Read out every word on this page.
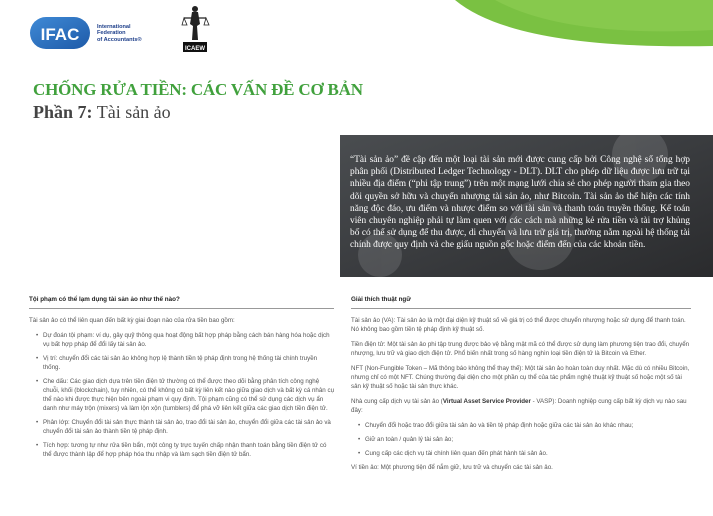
IFAC	International
Federation
of Accountants®
ICAEW
CHỐNG RỬA TIỀN: CÁC VẤN ĐỀ CƠ BẢN
Phần 7: Tài sản ảo
“Tài sản ảo” đề cập đến một loại tài sản mới được cung cấp bởi Công nghệ sổ tổng hợp phân phối (Distributed Ledger Technology - DLT). DLT cho phép dữ liệu được lưu trữ tại nhiều địa điểm (“phi tập trung”) trên một mạng lưới chia sẻ cho phép người tham gia theo dõi quyền sở hữu và chuyển nhượng tài sản ảo, như Bitcoin. Tài sản ảo thể hiện các tính năng độc đáo, ưu điểm và nhược điểm so với tài sản và thanh toán truyền thống. Kế toán viên chuyên nghiệp phải tự làm quen với các cách mà những kẻ rửa tiền và tài trợ khủng bố có thể sử dụng để thu được, di chuyển và lưu trữ giá trị, thường nằm ngoài hệ thống tài chính được quy định và che giấu nguồn gốc hoặc điểm đến của các khoản tiền.
Tội phạm có thể lạm dụng tài sản ảo như thế nào?

Tài sản ảo có thể liên quan đến bất kỳ giai đoạn nào của rửa tiền bao gồm:

• Dự đoán tội phạm: ví dụ, gây quỹ thông qua hoạt động bất hợp pháp bằng cách bán hàng hóa hoặc dịch vụ bất hợp pháp để đổi lấy tài sản ảo.
• Vị trí: chuyển đổi các tài sản ảo không hợp lệ thành tiền tệ pháp định trong hệ thống tài chính truyền thống.
• Che dấu: Các giao dịch dựa trên tiền điện tử thường có thể được theo dõi bằng phân tích công nghệ chuỗi, khối (blockchain), tuy nhiên, có thể không có bất kỳ liên kết nào giữa giao dịch và bất kỳ cá nhân cụ thể nào khi được thực hiện bên ngoài phạm vi quy định. Tội phạm cũng có thể sử dụng các dịch vụ ẩn danh như máy trộn (mixers) và làm lộn xộn (tumblers) để phá vỡ liên kết giữa các giao dịch tiền điện tử.
• Phân lớp: Chuyển đổi tài sản thực thành tài sản ảo, trao đổi tài sản ảo, chuyển đổi giữa các tài sản ảo và chuyển đổi tài sản ảo thành tiền tệ pháp định.
• Tích hợp: tương tự như rửa tiền bẩn, một công ty trực tuyến chấp nhận thanh toán bằng tiền điện tử có thể được thành lập để hợp pháp hóa thu nhập và làm sạch tiền điện tử bẩn.
Giải thích thuật ngữ

Tài sản ảo (VA): Tài sản ảo là một đại diện kỹ thuật số về giá trị có thể được chuyển nhượng hoặc sử dụng để thanh toán. Nó không bao gồm tiền tệ pháp định kỹ thuật số.

Tiền điện tử: Một tài sản ảo phi tập trung được bảo vệ bằng mật mã có thể được sử dụng làm phương tiện trao đổi, chuyển nhượng, lưu trữ và giao dịch điện tử. Phổ biến nhất trong số hàng nghìn loại tiền điện tử là Bitcoin và Ether.

NFT (Non-Fungible Token – Mã thông báo không thể thay thế): Một tài sản ảo hoàn toàn duy nhất. Mặc dù có nhiều Bitcoin, nhưng chỉ có một NFT. Chúng thường đại diện cho một phần cụ thể của tác phẩm nghệ thuật kỹ thuật số hoặc một số tài sản kỹ thuật số hoặc tài sản thực khác.

Nhà cung cấp dịch vụ tài sản ảo (Virtual Asset Service Provider - VASP): Doanh nghiệp cung cấp bất kỳ dịch vụ nào sau đây:

• Chuyển đổi hoặc trao đổi giữa tài sản ảo và tiền tệ pháp định hoặc giữa các tài sản ảo khác nhau;
• Giữ an toàn / quản lý tài sản ảo;
• Cung cấp các dịch vụ tài chính liên quan đến phát hành tài sản ảo.

Ví tiền ảo: Một phương tiện để nắm giữ, lưu trữ và chuyển các tài sản ảo.
